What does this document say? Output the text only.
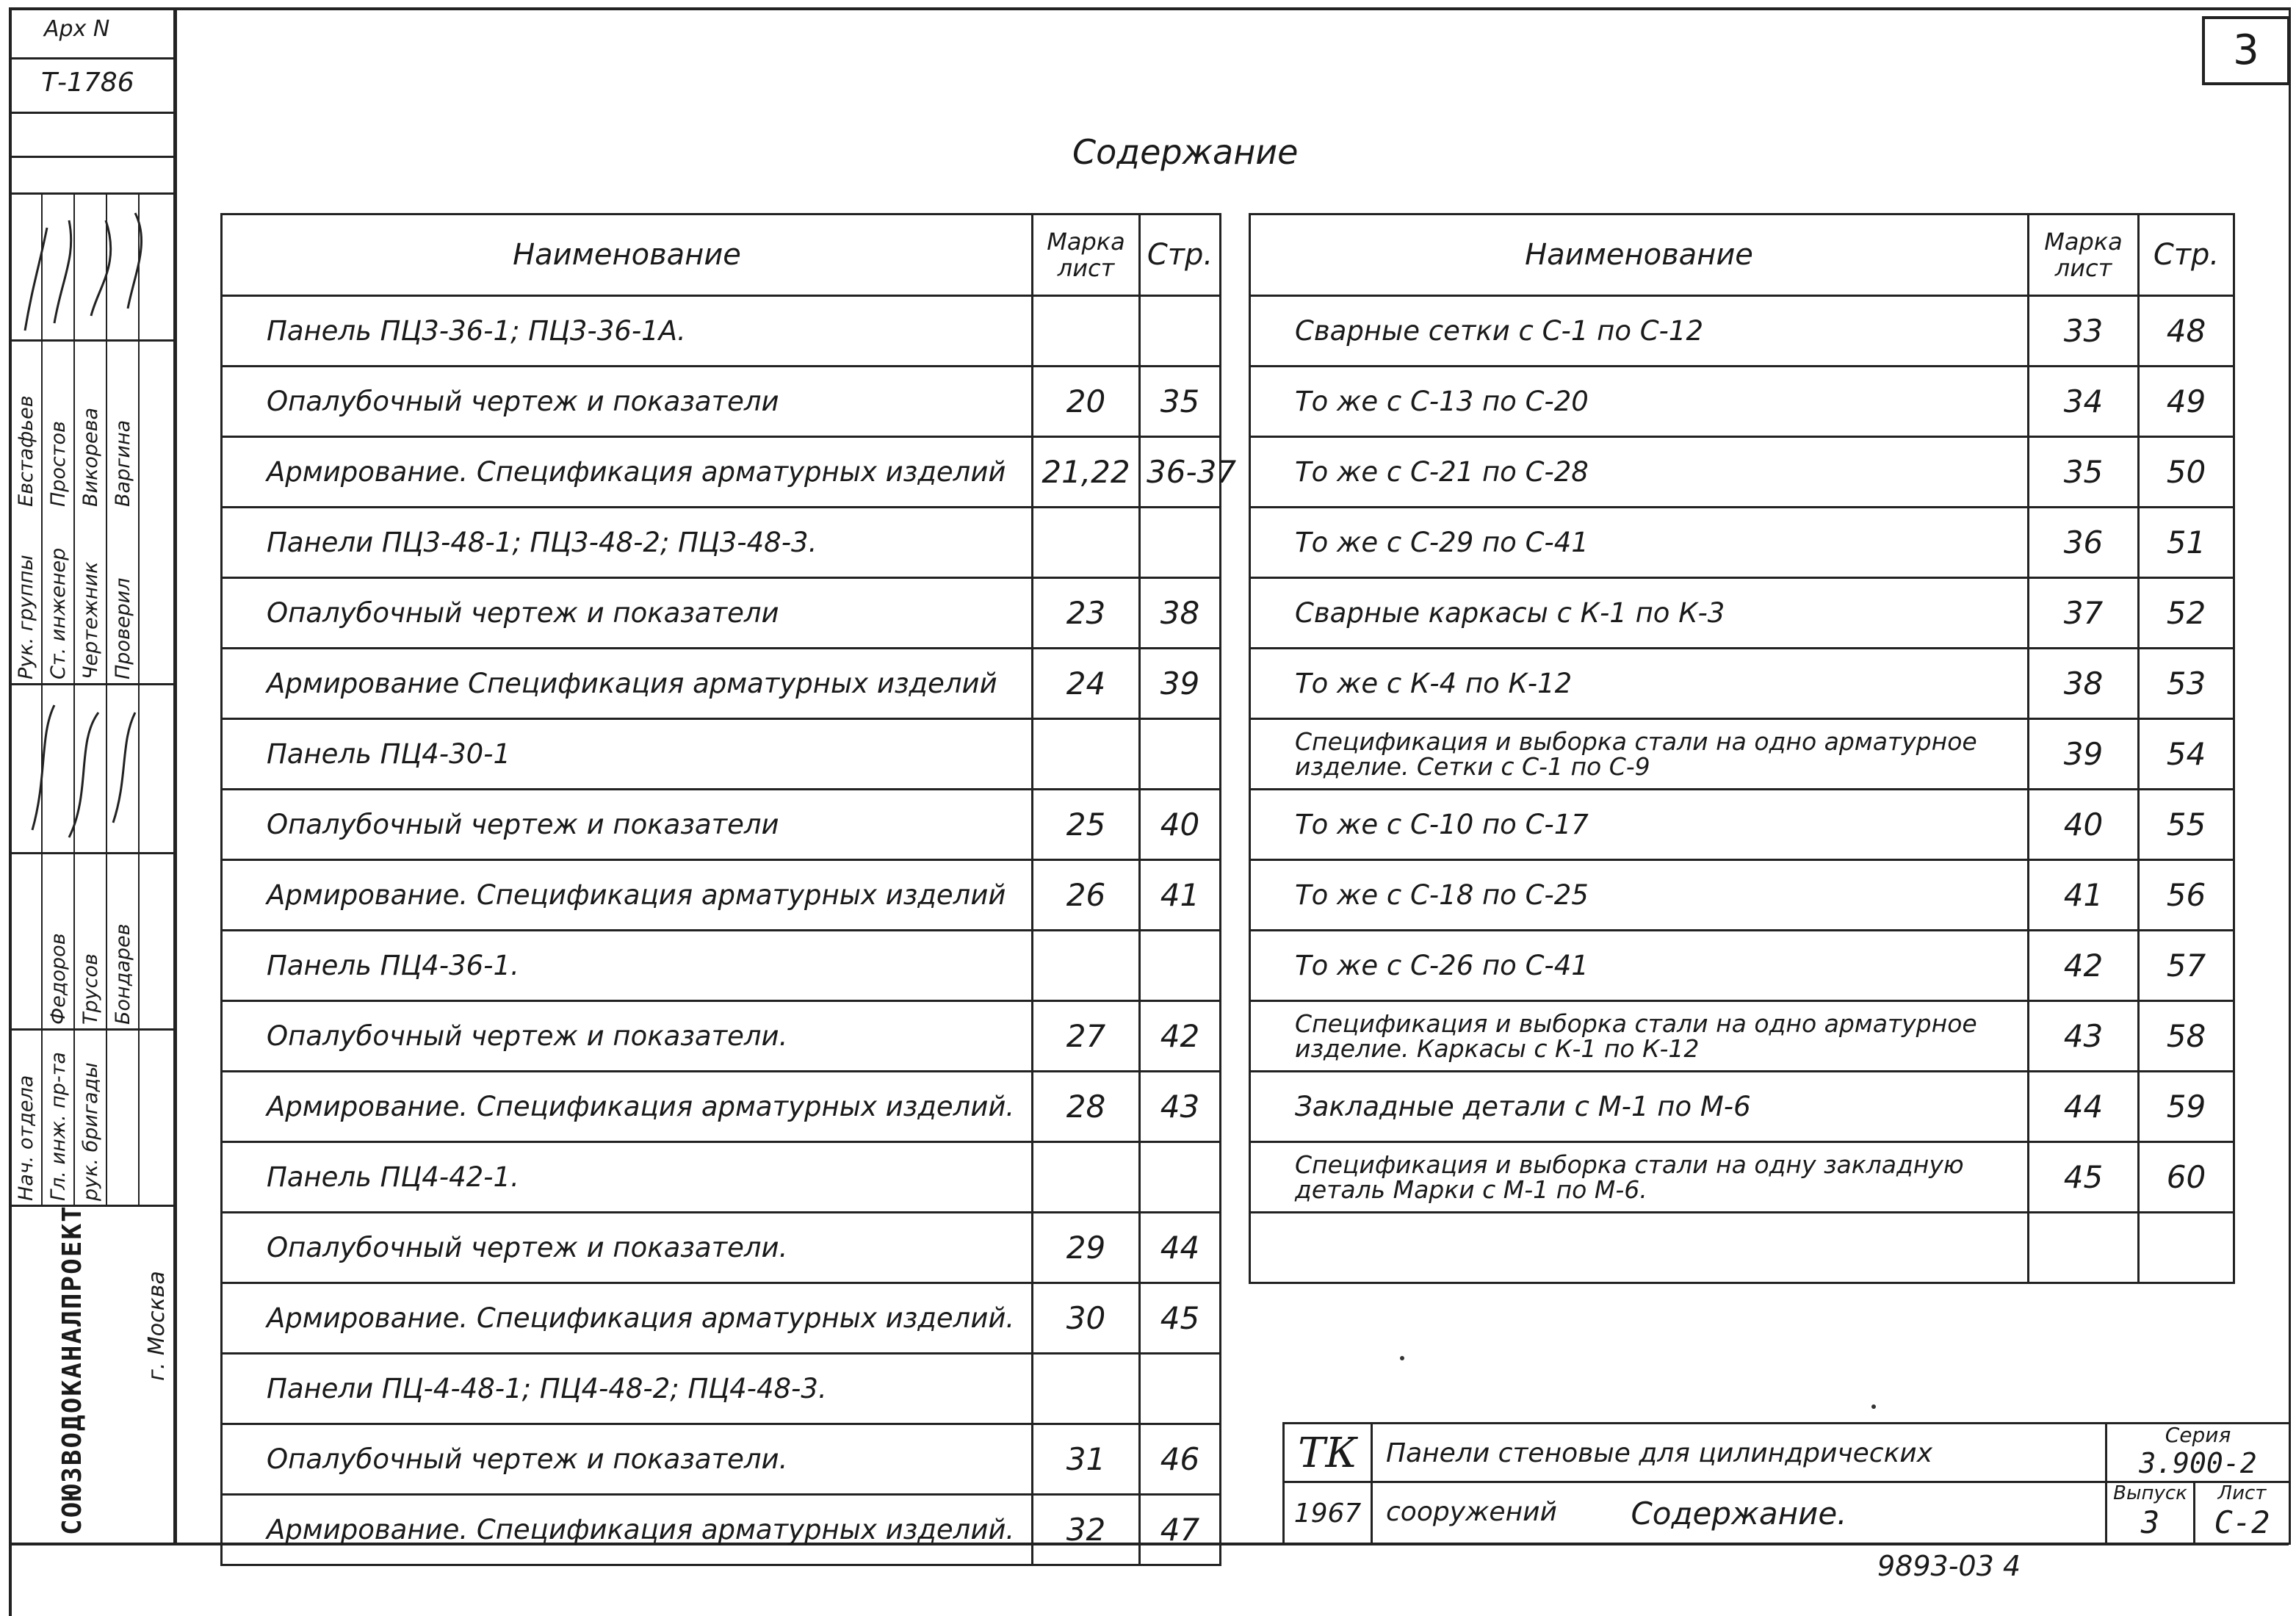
Арх N
Т-1786
Рук. группы Ст. инженер Чертежник Проверил
Евстафьев Простов Викорева Варгина
Нач. отдела Гл. инж. пр-та рук. бригады
Федоров Трусов Бондарев
СОЮЗВОДОКАНАЛПРОЕКТ	г. Москва
3
Содержание
Наименование	Марка лист	Стр.
Панель ПЦ3-36-1; ПЦ3-36-1А.		
Опалубочный чертеж и показатели	20	35
Армирование. Спецификация арматурных изделий	21,22	36-37
Панели ПЦ3-48-1; ПЦ3-48-2; ПЦ3-48-3.		
Опалубочный чертеж и показатели	23	38
Армирование Спецификация арматурных изделий	24	39
Панель ПЦ4-30-1		
Опалубочный чертеж и показатели	25	40
Армирование. Спецификация арматурных изделий	26	41
Панель ПЦ4-36-1.		
Опалубочный чертеж и показатели.	27	42
Армирование. Спецификация арматурных изделий.	28	43
Панель ПЦ4-42-1.		
Опалубочный чертеж и показатели.	29	44
Армирование. Спецификация арматурных изделий.	30	45
Панели ПЦ-4-48-1; ПЦ4-48-2; ПЦ4-48-3.		
Опалубочный чертеж и показатели.	31	46
Армирование. Спецификация арматурных изделий.	32	47
Наименование	Марка лист	Стр.
Сварные сетки с С-1 по С-12	33	48
То же с С-13 по С-20	34	49
То же с С-21 по С-28	35	50
То же с С-29 по С-41	36	51
Сварные каркасы с К-1 по К-3	37	52
То же с К-4 по К-12	38	53
Спецификация и выборка стали на одно арматурное изделие. Сетки с С-1 по С-9	39	54
То же с С-10 по С-17	40	55
То же с С-18 по С-25	41	56
То же с С-26 по С-41	42	57
Спецификация и выборка стали на одно арматурное изделие. Каркасы с К-1 по К-12	43	58
Закладные детали с М-1 по М-6	44	59
Спецификация и выборка стали на одну закладную деталь Марки с М-1 по М-6.	45	60

ТК
1967
Панели стеновые для цилиндрических сооружений	Содержание.
Серия
3.900-2
Выпуск
3
Лист
С-2
9893-03 4
